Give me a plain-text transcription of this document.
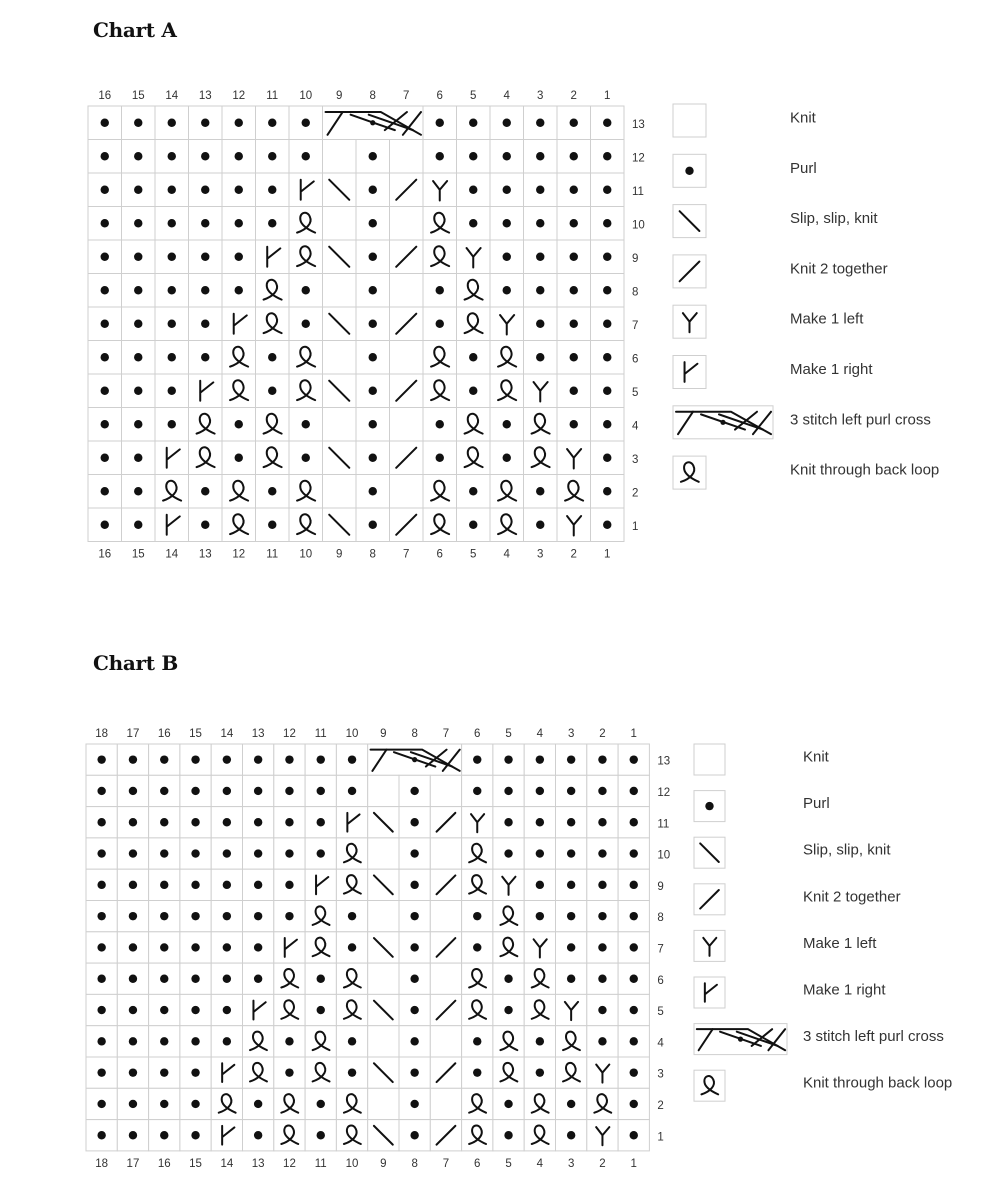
Chart A
16
16
15
15
14
14
13
13
12
12
11
11
10
10
9
9
8
8
7
7
6
6
5
5
4
4
3
3
2
2
1
1
13
12
11
10
9
8
7
6
5
4
3
2
1
Knit
Purl
Slip, slip, knit
Knit 2 together
Make 1 left
Make 1 right
3 stitch left purl cross
Knit through back loop
Chart B
18
18
17
17
16
16
15
15
14
14
13
13
12
12
11
11
10
10
9
9
8
8
7
7
6
6
5
5
4
4
3
3
2
2
1
1
13
12
11
10
9
8
7
6
5
4
3
2
1
Knit
Purl
Slip, slip, knit
Knit 2 together
Make 1 left
Make 1 right
3 stitch left purl cross
Knit through back loop
